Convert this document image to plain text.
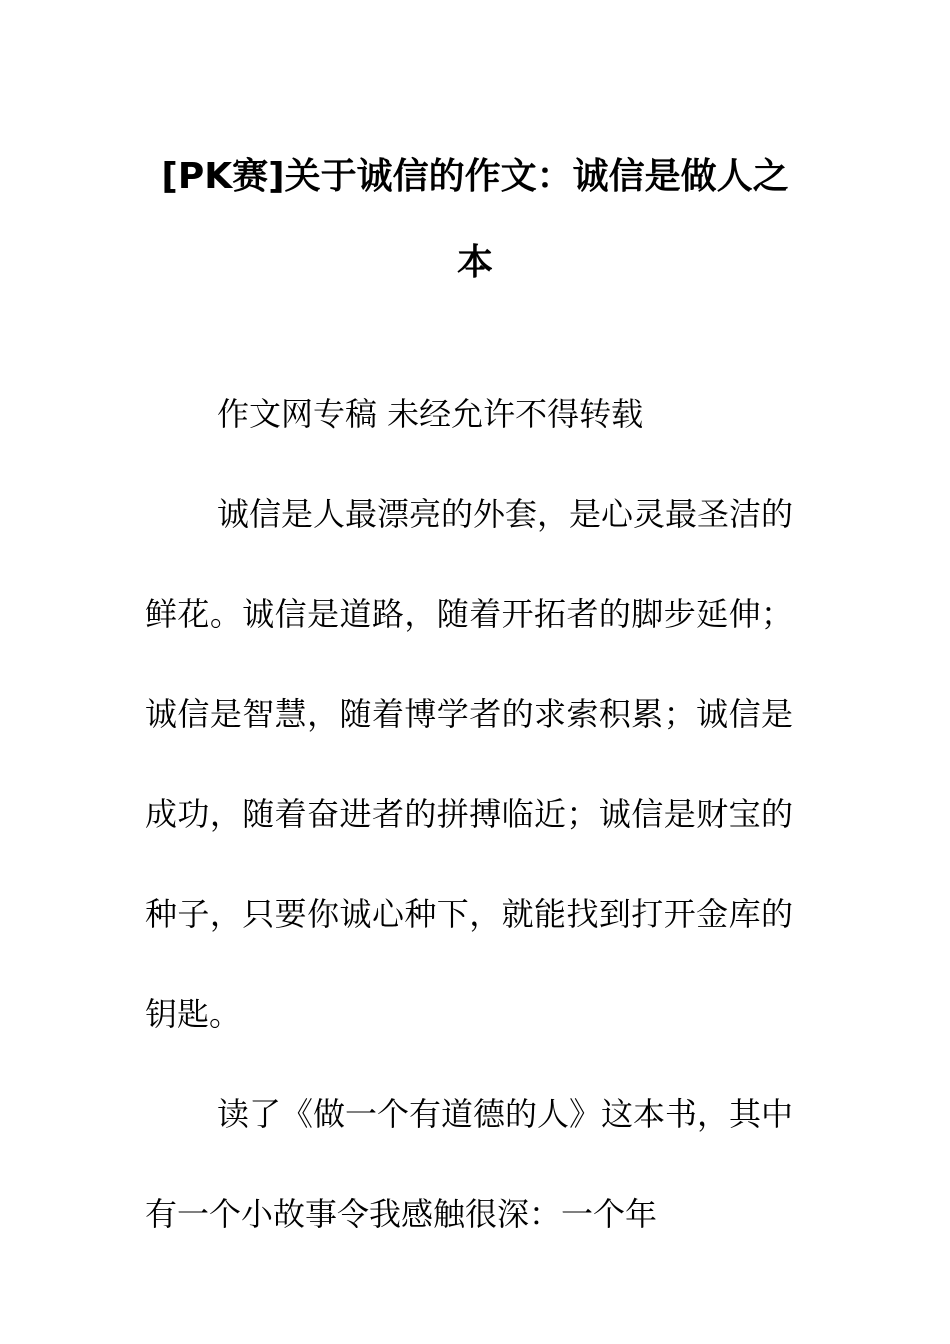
[PK赛]关于诚信的作文：诚信是做人之本

作文网专稿 未经允许不得转载

诚信是人最漂亮的外套，是心灵最圣洁的鲜花。诚信是道路，随着开拓者的脚步延伸；诚信是智慧，随着博学者的求索积累；诚信是成功，随着奋进者的拼搏临近；诚信是财宝的种子，只要你诚心种下，就能找到打开金库的钥匙。

读了《做一个有道德的人》这本书，其中有一个小故事令我感触很深：一个年
